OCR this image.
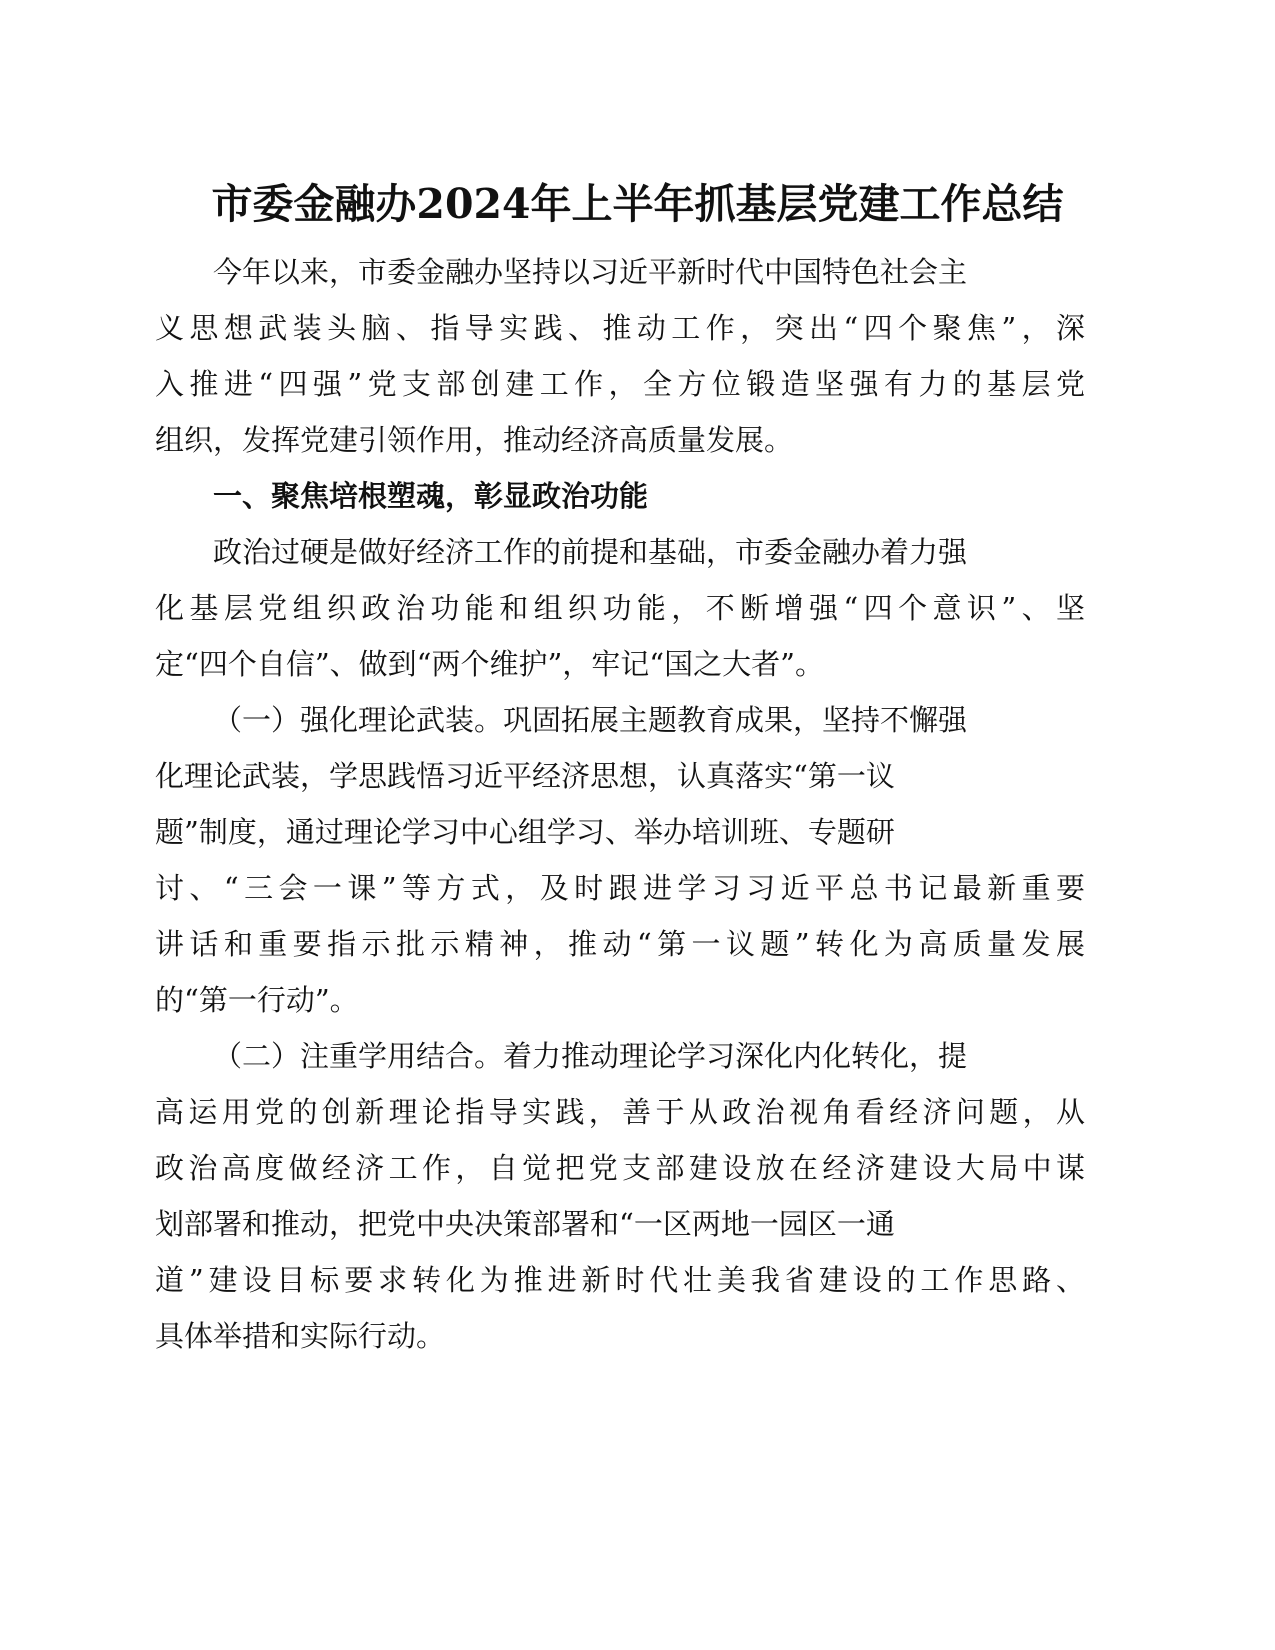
市委金融办2024年上半年抓基层党建工作总结

今年以来，市委金融办坚持以习近平新时代中国特色社会主

义思想武装头脑、指导实践、推动工作，突出“四个聚焦”，深

入推进“四强”党支部创建工作，全方位锻造坚强有力的基层党

组织，发挥党建引领作用，推动经济高质量发展。

一、聚焦培根塑魂，彰显政治功能

政治过硬是做好经济工作的前提和基础，市委金融办着力强

化基层党组织政治功能和组织功能，不断增强“四个意识”、坚

定“四个自信”、做到“两个维护”，牢记“国之大者”。

（一）强化理论武装。巩固拓展主题教育成果，坚持不懈强

化理论武装，学思践悟习近平经济思想，认真落实“第一议

题”制度，通过理论学习中心组学习、举办培训班、专题研

讨、“三会一课”等方式，及时跟进学习习近平总书记最新重要

讲话和重要指示批示精神，推动“第一议题”转化为高质量发展

的“第一行动”。

（二）注重学用结合。着力推动理论学习深化内化转化，提

高运用党的创新理论指导实践，善于从政治视角看经济问题，从

政治高度做经济工作，自觉把党支部建设放在经济建设大局中谋

划部署和推动，把党中央决策部署和“一区两地一园区一通

道”建设目标要求转化为推进新时代壮美我省建设的工作思路、

具体举措和实际行动。
